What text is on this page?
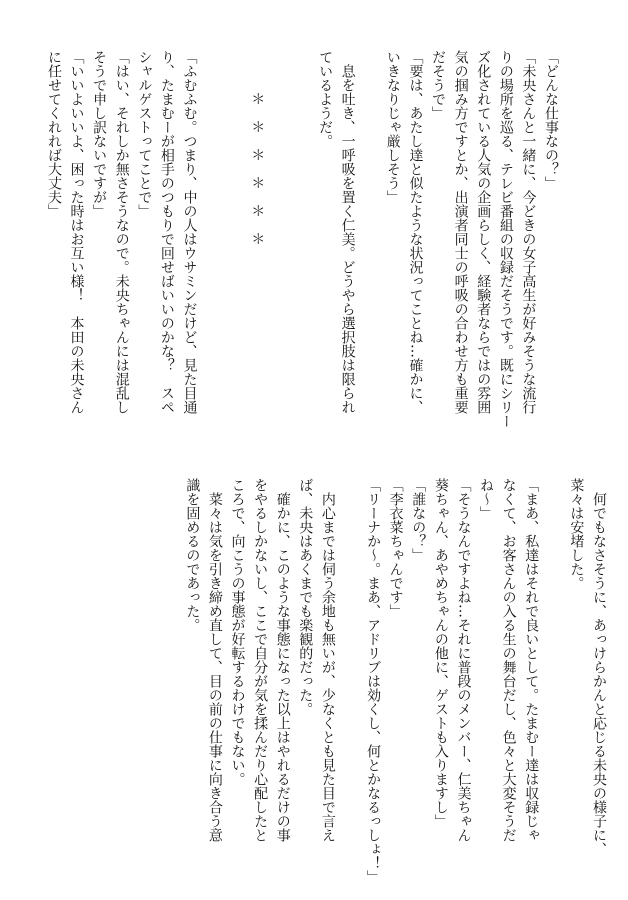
「どんな仕事なの？」

「未央さんと一緒に、今どきの女子高生が好みそうな流行

りの場所を巡る、テレビ番組の収録だそうです。既にシリー

ズ化されている人気の企画らしく、経験者ならではの雰囲

気の掴み方ですとか、出演者同士の呼吸の合わせ方も重要

だそうで」

「要は、あたし達と似たような状況ってことね…確かに、

いきなりじゃ厳しそう」

　息を吐き、一呼吸を置く仁美。どうやら選択肢は限られ

ているようだ。

　　　＊　＊　＊　＊　＊　＊

「ふむふむ。つまり、中の人はウサミンだけど、見た目通

り、たまむーが相手のつもりで回せばいいのかな？　スペ

シャルゲストってことで」

「はい、それしか無さそうなので。未央ちゃんには混乱し

そうで申し訳ないですが」

「いいよいいよ、困った時はお互い様！　本田の未央さん

に任せてくれれば大丈夫」

　何でもなさそうに、あっけらかんと応じる未央の様子に、

菜々は安堵した。

「まあ、私達はそれで良いとして。たまむー達は収録じゃ

なくて、お客さんの入る生の舞台だし、色々と大変そうだ

ね～」

「そうなんですよね…それに普段のメンバー、仁美ちゃん

葵ちゃん、あやめちゃんの他に、ゲストも入りますし」

「誰なの？」

「李衣菜ちゃんです」

「リーナか～。まあ、アドリブは効くし、何とかなるっしょ！」

　内心までは伺う余地も無いが、少なくとも見た目で言え

ば、未央はあくまでも楽観的だった。

　確かに、このような事態になった以上はやれるだけの事

をやるしかないし、ここで自分が気を揉んだり心配したと

ころで、向こうの事態が好転するわけでもない。

　菜々は気を引き締め直して、目の前の仕事に向き合う意

識を固めるのであった。
